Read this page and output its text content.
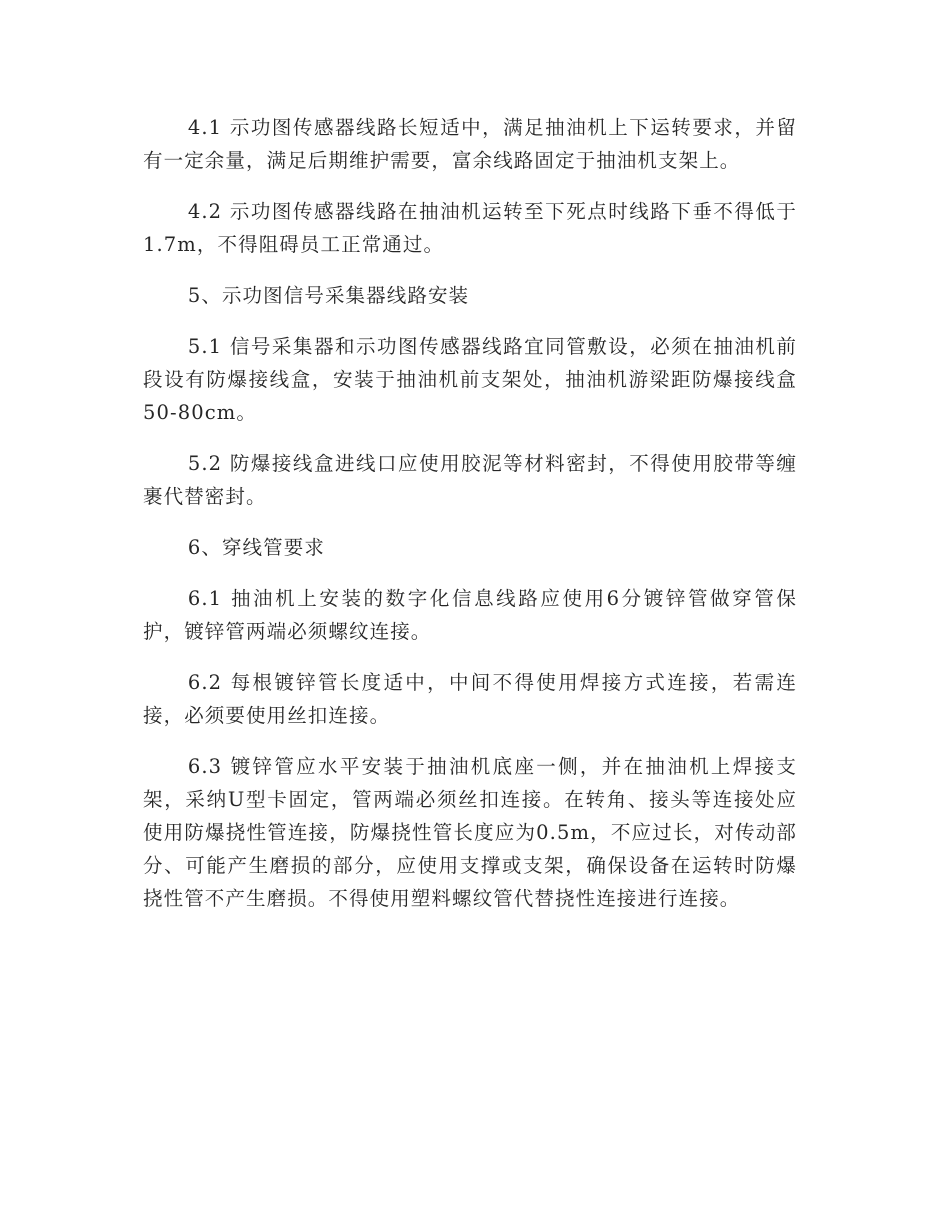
4.1 示功图传感器线路长短适中，满足抽油机上下运转要求，并留有一定余量，满足后期维护需要，富余线路固定于抽油机支架上。

4.2 示功图传感器线路在抽油机运转至下死点时线路下垂不得低于1.7m，不得阻碍员工正常通过。

5、示功图信号采集器线路安装

5.1 信号采集器和示功图传感器线路宜同管敷设，必须在抽油机前段设有防爆接线盒，安装于抽油机前支架处，抽油机游梁距防爆接线盒50-80cm。

5.2 防爆接线盒进线口应使用胶泥等材料密封，不得使用胶带等缠裹代替密封。

6、穿线管要求

6.1 抽油机上安装的数字化信息线路应使用6分镀锌管做穿管保护，镀锌管两端必须螺纹连接。

6.2 每根镀锌管长度适中，中间不得使用焊接方式连接，若需连接，必须要使用丝扣连接。

6.3 镀锌管应水平安装于抽油机底座一侧，并在抽油机上焊接支架，采纳U型卡固定，管两端必须丝扣连接。在转角、接头等连接处应使用防爆挠性管连接，防爆挠性管长度应为0.5m，不应过长，对传动部分、可能产生磨损的部分，应使用支撑或支架，确保设备在运转时防爆挠性管不产生磨损。不得使用塑料螺纹管代替挠性连接进行连接。
